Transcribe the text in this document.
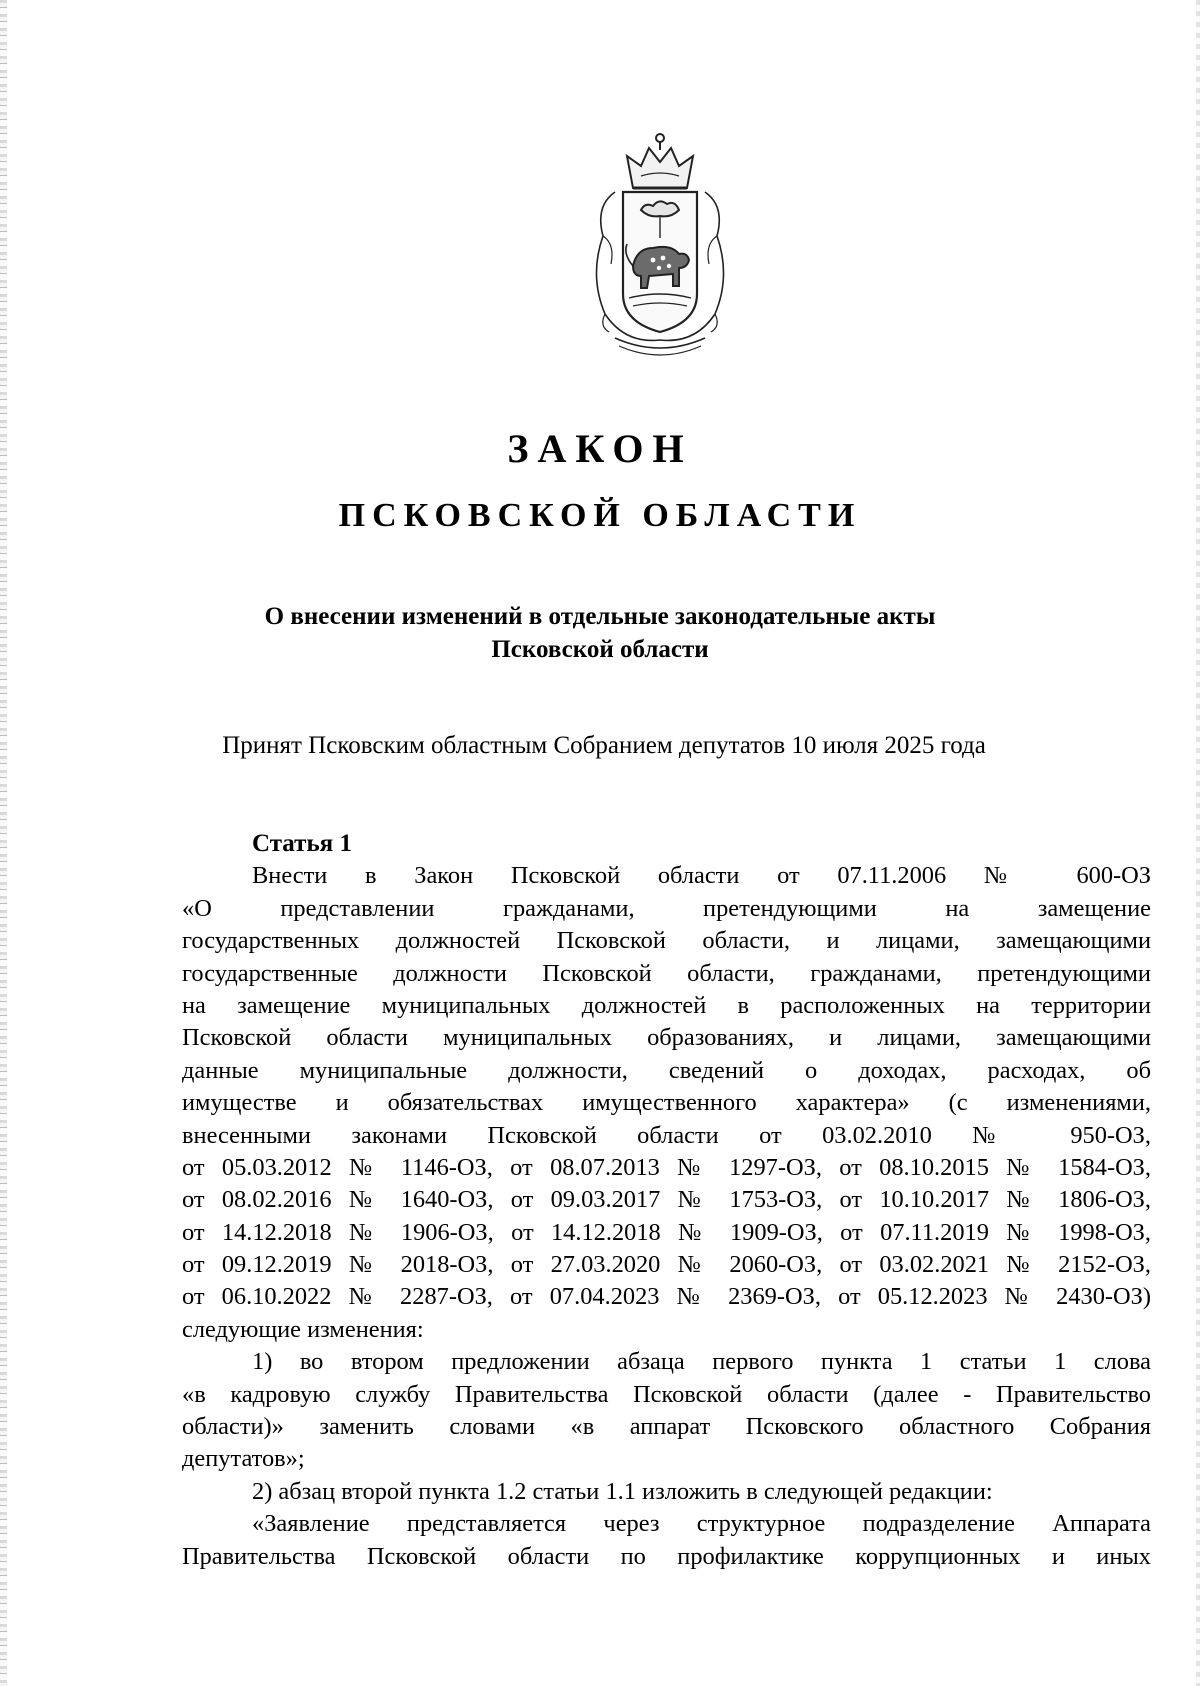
ЗАКОН
ПСКОВСКОЙ ОБЛАСТИ
О внесении изменений в отдельные законодательные акты
Псковской области
Принят Псковским областным Собранием депутатов 10 июля 2025 года
Статья 1
Внести в Закон Псковской области от 07.11.2006 № 600-ОЗ
«О представлении гражданами, претендующими на замещение
государственных должностей Псковской области, и лицами, замещающими
государственные должности Псковской области, гражданами, претендующими
на замещение муниципальных должностей в расположенных на территории
Псковской области муниципальных образованиях, и лицами, замещающими
данные муниципальные должности, сведений о доходах, расходах, об
имуществе и обязательствах имущественного характера» (с изменениями,
внесенными законами Псковской области от 03.02.2010 № 950-ОЗ,
от 05.03.2012 № 1146-ОЗ, от 08.07.2013 № 1297-ОЗ, от 08.10.2015 № 1584-ОЗ,
от 08.02.2016 № 1640-ОЗ, от 09.03.2017 № 1753-ОЗ, от 10.10.2017 № 1806-ОЗ,
от 14.12.2018 № 1906-ОЗ, от 14.12.2018 № 1909-ОЗ, от 07.11.2019 № 1998-ОЗ,
от 09.12.2019 № 2018-ОЗ, от 27.03.2020 № 2060-ОЗ, от 03.02.2021 № 2152-ОЗ,
от 06.10.2022 № 2287-ОЗ, от 07.04.2023 № 2369-ОЗ, от 05.12.2023 № 2430-ОЗ)
следующие изменения:
1) во втором предложении абзаца первого пункта 1 статьи 1 слова
«в кадровую службу Правительства Псковской области (далее - Правительство
области)» заменить словами «в аппарат Псковского областного Собрания
депутатов»;
2) абзац второй пункта 1.2 статьи 1.1 изложить в следующей редакции:
«Заявление представляется через структурное подразделение Аппарата
Правительства Псковской области по профилактике коррупционных и иных
